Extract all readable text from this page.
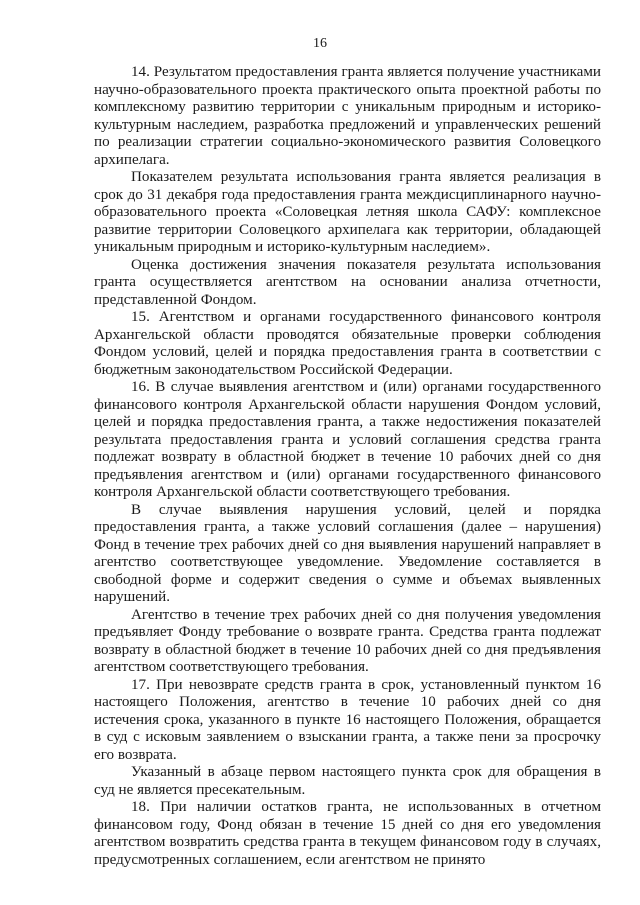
16

14. Результатом предоставления гранта является получение участниками научно-образовательного проекта практического опыта проектной работы по комплексному развитию территории с уникальным природным и историко-культурным наследием, разработка предложений и управленческих решений по реализации стратегии социально-экономического развития Соловецкого архипелага.

Показателем результата использования гранта является реализация в срок до 31 декабря года предоставления гранта междисциплинарного научно-образовательного проекта «Соловецкая летняя школа САФУ: комплексное развитие территории Соловецкого архипелага как территории, обладающей уникальным природным и историко-культурным наследием».

Оценка достижения значения показателя результата использования гранта осуществляется агентством на основании анализа отчетности, представленной Фондом.

15. Агентством и органами государственного финансового контроля Архангельской области проводятся обязательные проверки соблюдения Фондом условий, целей и порядка предоставления гранта в соответствии с бюджетным законодательством Российской Федерации.

16. В случае выявления агентством и (или) органами государственного финансового контроля Архангельской области нарушения Фондом условий, целей и порядка предоставления гранта, а также недостижения показателей результата предоставления гранта и условий соглашения средства гранта подлежат возврату в областной бюджет в течение 10 рабочих дней со дня предъявления агентством и (или) органами государственного финансового контроля Архангельской области соответствующего требования.

В случае выявления нарушения условий, целей и порядка предоставления гранта, а также условий соглашения (далее – нарушения) Фонд в течение трех рабочих дней со дня выявления нарушений направляет в агентство соответствующее уведомление. Уведомление составляется в свободной форме и содержит сведения о сумме и объемах выявленных нарушений.

Агентство в течение трех рабочих дней со дня получения уведомления предъявляет Фонду требование о возврате гранта. Средства гранта подлежат возврату в областной бюджет в течение 10 рабочих дней со дня предъявления агентством соответствующего требования.

17. При невозврате средств гранта в срок, установленный пунктом 16 настоящего Положения, агентство в течение 10 рабочих дней со дня истечения срока, указанного в пункте 16 настоящего Положения, обращается в суд с исковым заявлением о взыскании гранта, а также пени за просрочку его возврата.

Указанный в абзаце первом настоящего пункта срок для обращения в суд не является пресекательным.

18. При наличии остатков гранта, не использованных в отчетном финансовом году, Фонд обязан в течение 15 дней со дня его уведомления агентством возвратить средства гранта в текущем финансовом году в случаях, предусмотренных соглашением, если агентством не принято
